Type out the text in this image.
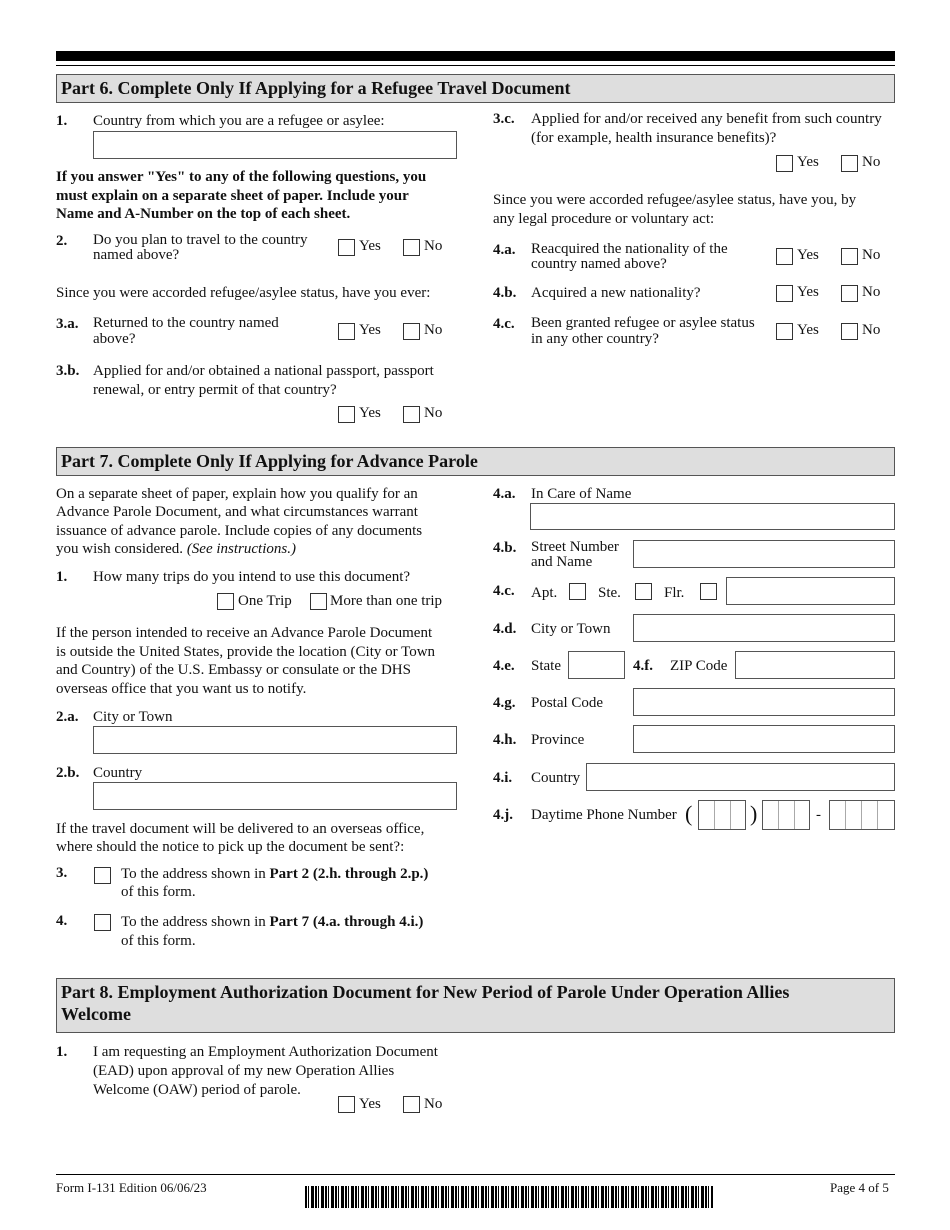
Part 6. Complete Only If Applying for a Refugee Travel Document
1. Country from which you are a refugee or asylee:
If you answer "Yes" to any of the following questions, you
must explain on a separate sheet of paper. Include your
Name and A-Number on the top of each sheet.
2. Do you plan to travel to the country
named above?
Yes	No
Since you were accorded refugee/asylee status, have you ever:
3.a. Returned to the country named
above?
Yes	No
3.b. Applied for and/or obtained a national passport, passport
renewal, or entry permit of that country?
Yes	No
3.c. Applied for and/or received any benefit from such country
(for example, health insurance benefits)?
Yes	No
Since you were accorded refugee/asylee status, have you, by
any legal procedure or voluntary act:
4.a. Reacquired the nationality of the
country named above?
Yes	No
4.b. Acquired a new nationality?	Yes	No
4.c. Been granted refugee or asylee status
in any other country?
Yes	No
Part 7. Complete Only If Applying for Advance Parole
On a separate sheet of paper, explain how you qualify for an
Advance Parole Document, and what circumstances warrant
issuance of advance parole. Include copies of any documents
you wish considered. (See instructions.)
1. How many trips do you intend to use this document?
One Trip	More than one trip
If the person intended to receive an Advance Parole Document
is outside the United States, provide the location (City or Town
and Country) of the U.S. Embassy or consulate or the DHS
overseas office that you want us to notify.
2.a. City or Town
2.b. Country
If the travel document will be delivered to an overseas office,
where should the notice to pick up the document be sent?:
3.	To the address shown in Part 2 (2.h. through 2.p.)
of this form.
4.	To the address shown in Part 7 (4.a. through 4.i.)
of this form.
4.a. In Care of Name
4.b. Street Number
and Name
4.c. Apt.	Ste.	Flr.
4.d. City or Town
4.e. State	4.f. ZIP Code
4.g. Postal Code
4.h. Province
4.i. Country
4.j. Daytime Phone Number (	)	-
Part 8. Employment Authorization Document for New Period of Parole Under Operation Allies
Welcome
1. I am requesting an Employment Authorization Document
(EAD) upon approval of my new Operation Allies
Welcome (OAW) period of parole.
Yes	No
Form I-131 Edition 06/06/23	Page 4 of 5
